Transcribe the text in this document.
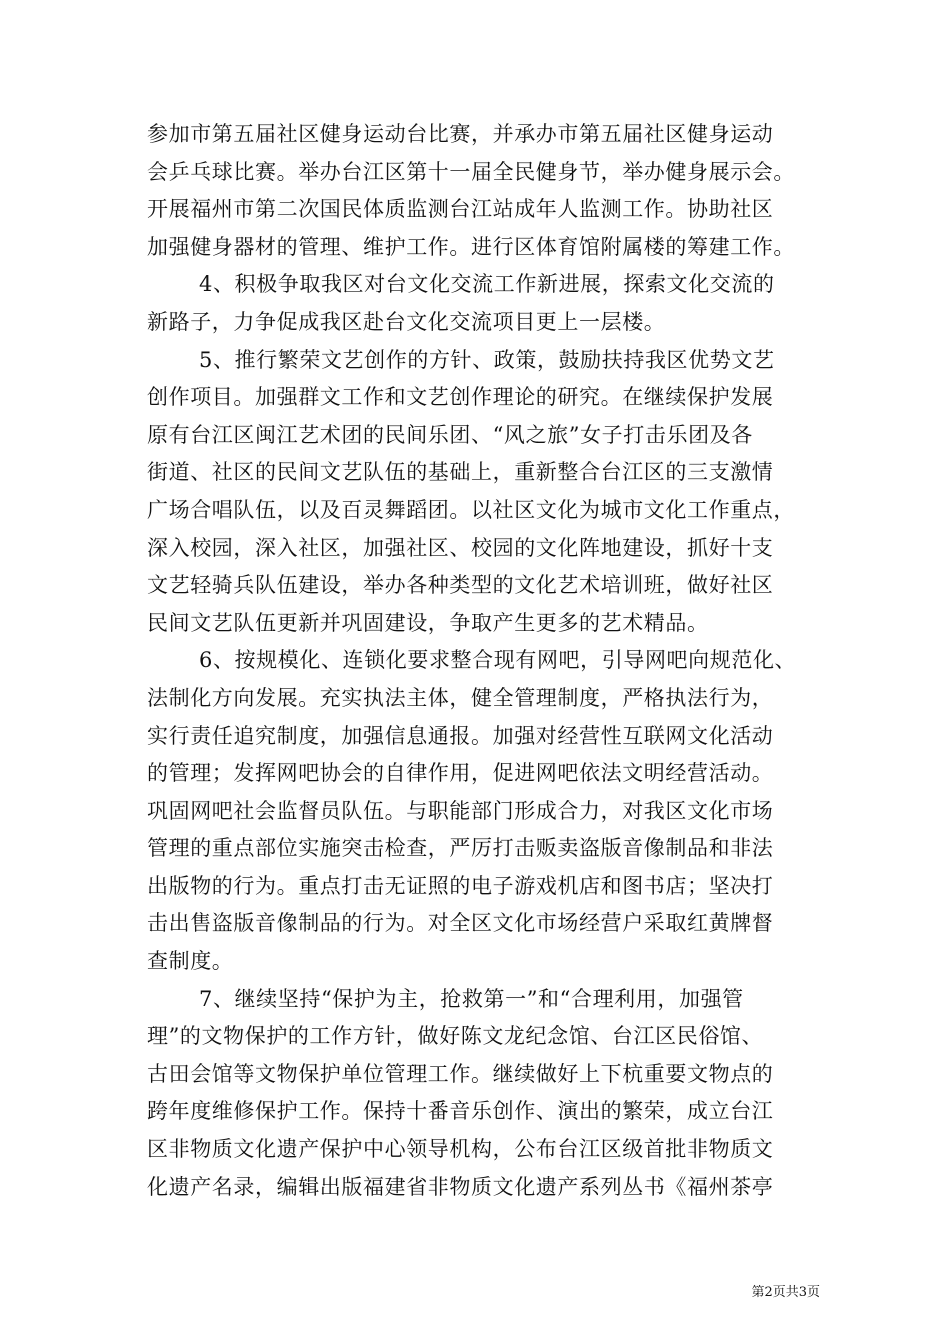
参加市第五届社区健身运动台比赛，并承办市第五届社区健身运动
会乒乓球比赛。举办台江区第十一届全民健身节，举办健身展示会。
开展福州市第二次国民体质监测台江站成年人监测工作。协助社区
加强健身器材的管理、维护工作。进行区体育馆附属楼的筹建工作。
4、积极争取我区对台文化交流工作新进展，探索文化交流的
新路子，力争促成我区赴台文化交流项目更上一层楼。
5、推行繁荣文艺创作的方针、政策，鼓励扶持我区优势文艺
创作项目。加强群文工作和文艺创作理论的研究。在继续保护发展
原有台江区闽江艺术团的民间乐团、“风之旅”女子打击乐团及各
街道、社区的民间文艺队伍的基础上，重新整合台江区的三支激情
广场合唱队伍，以及百灵舞蹈团。以社区文化为城市文化工作重点，
深入校园，深入社区，加强社区、校园的文化阵地建设，抓好十支
文艺轻骑兵队伍建设，举办各种类型的文化艺术培训班，做好社区
民间文艺队伍更新并巩固建设，争取产生更多的艺术精品。
6、按规模化、连锁化要求整合现有网吧，引导网吧向规范化、
法制化方向发展。充实执法主体，健全管理制度，严格执法行为，
实行责任追究制度，加强信息通报。加强对经营性互联网文化活动
的管理；发挥网吧协会的自律作用，促进网吧依法文明经营活动。
巩固网吧社会监督员队伍。与职能部门形成合力，对我区文化市场
管理的重点部位实施突击检查，严厉打击贩卖盗版音像制品和非法
出版物的行为。重点打击无证照的电子游戏机店和图书店；坚决打
击出售盗版音像制品的行为。对全区文化市场经营户采取红黄牌督
查制度。
7、继续坚持“保护为主，抢救第一”和“合理利用，加强管
理”的文物保护的工作方针，做好陈文龙纪念馆、台江区民俗馆、
古田会馆等文物保护单位管理工作。继续做好上下杭重要文物点的
跨年度维修保护工作。保持十番音乐创作、演出的繁荣，成立台江
区非物质文化遗产保护中心领导机构，公布台江区级首批非物质文
化遗产名录，编辑出版福建省非物质文化遗产系列丛书《福州茶亭
第2页共3页
